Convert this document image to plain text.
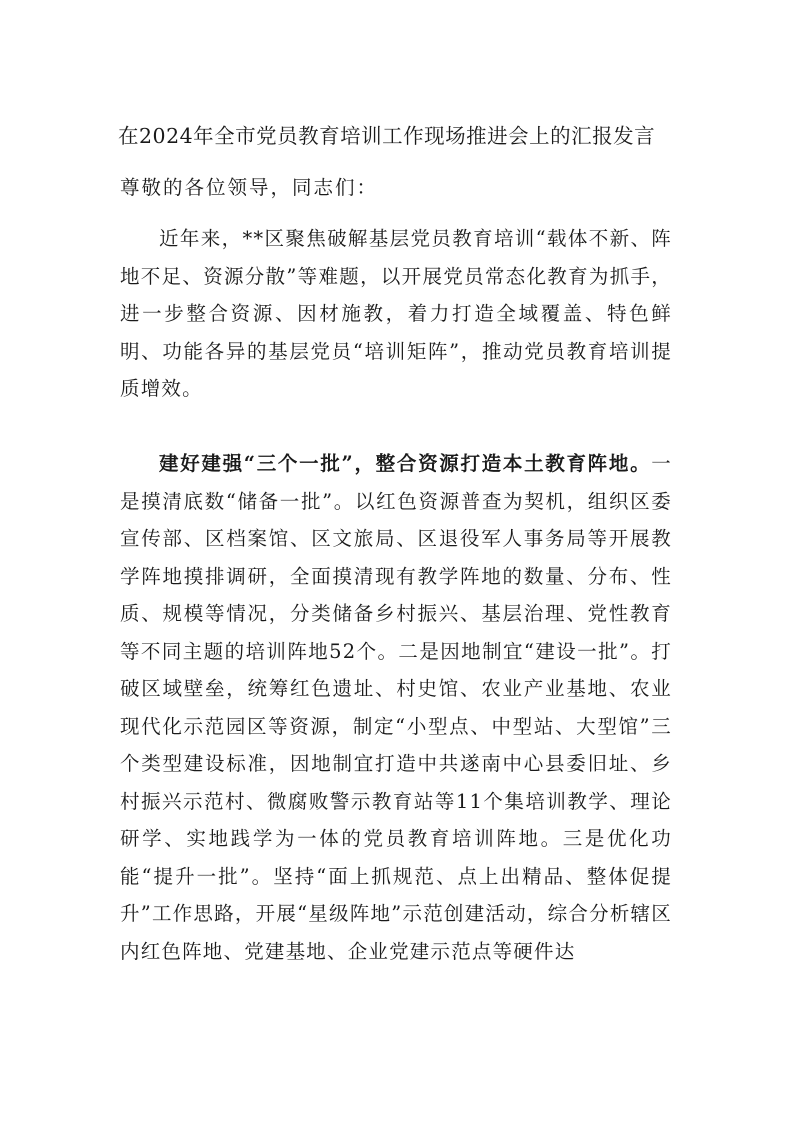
在2024年全市党员教育培训工作现场推进会上的汇报发言
尊敬的各位领导，同志们：

近年来，**区聚焦破解基层党员教育培训“载体不新、阵地不足、资源分散”等难题，以开展党员常态化教育为抓手，进一步整合资源、因材施教，着力打造全域覆盖、特色鲜明、功能各异的基层党员“培训矩阵”，推动党员教育培训提质增效。

建好建强“三个一批”，整合资源打造本土教育阵地。一是摸清底数“储备一批”。以红色资源普查为契机，组织区委宣传部、区档案馆、区文旅局、区退役军人事务局等开展教学阵地摸排调研，全面摸清现有教学阵地的数量、分布、性质、规模等情况，分类储备乡村振兴、基层治理、党性教育等不同主题的培训阵地52个。二是因地制宜“建设一批”。打破区域壁垒，统筹红色遗址、村史馆、农业产业基地、农业现代化示范园区等资源，制定“小型点、中型站、大型馆”三个类型建设标准，因地制宜打造中共遂南中心县委旧址、乡村振兴示范村、微腐败警示教育站等11个集培训教学、理论研学、实地践学为一体的党员教育培训阵地。三是优化功能“提升一批”。坚持“面上抓规范、点上出精品、整体促提升”工作思路，开展“星级阵地”示范创建活动，综合分析辖区内红色阵地、党建基地、企业党建示范点等硬件达
